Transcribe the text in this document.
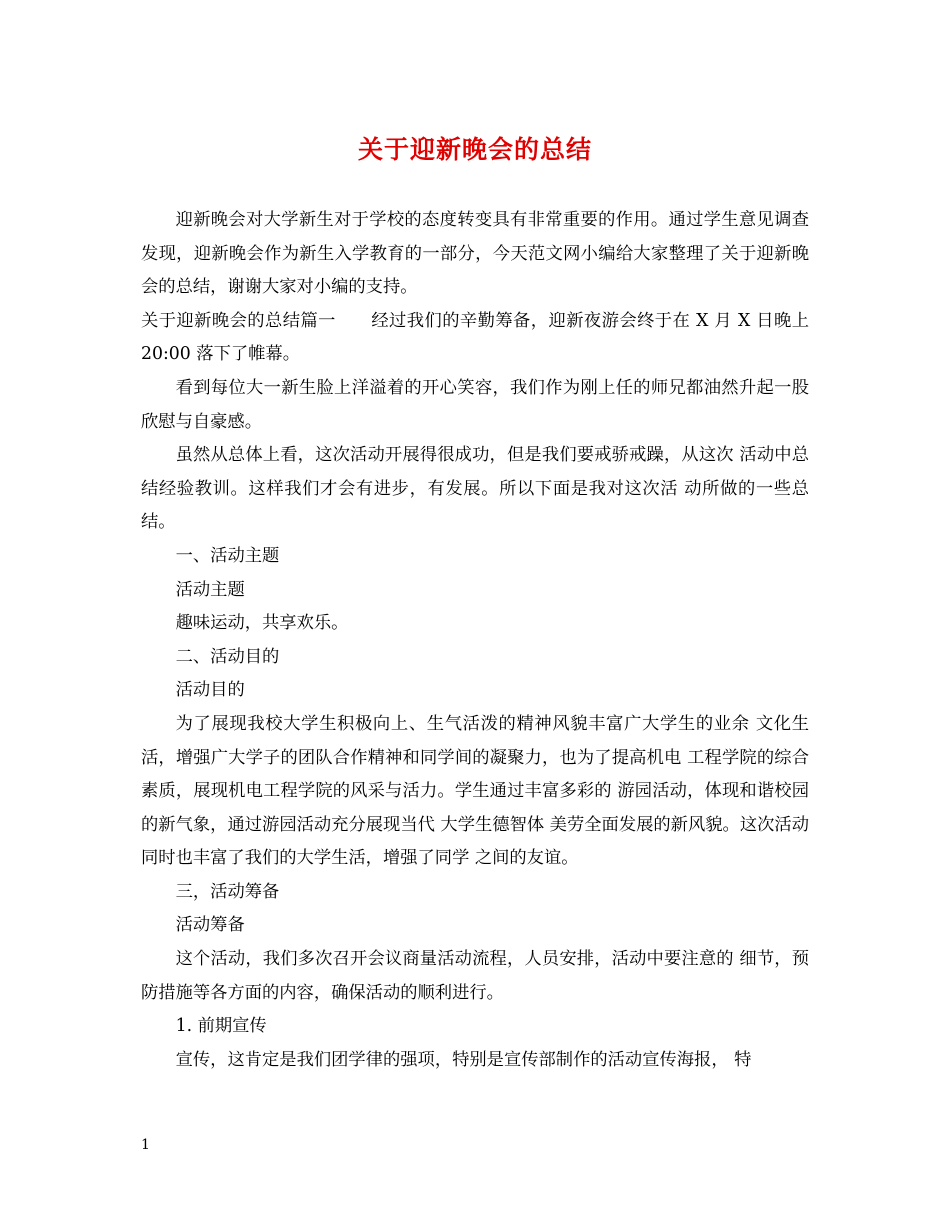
关于迎新晚会的总结

迎新晚会对大学新生对于学校的态度转变具有非常重要的作用。通过学生意见调查发现，迎新晚会作为新生入学教育的一部分，今天范文网小编给大家整理了关于迎新晚会的总结，谢谢大家对小编的支持。

关于迎新晚会的总结篇一　　经过我们的辛勤筹备，迎新夜游会终于在 X 月 X 日晚上 20:00 落下了帷幕。

看到每位大一新生脸上洋溢着的开心笑容，我们作为刚上任的师兄都油然升起一股欣慰与自豪感。

虽然从总体上看，这次活动开展得很成功，但是我们要戒骄戒躁，从这次 活动中总结经验教训。这样我们才会有进步，有发展。所以下面是我对这次活 动所做的一些总结。

一、活动主题

活动主题

趣味运动，共享欢乐。

二、活动目的

活动目的

为了展现我校大学生积极向上、生气活泼的精神风貌丰富广大学生的业余 文化生活，增强广大学子的团队合作精神和同学间的凝聚力，也为了提高机电 工程学院的综合素质，展现机电工程学院的风采与活力。学生通过丰富多彩的 游园活动，体现和谐校园的新气象，通过游园活动充分展现当代 大学生德智体 美劳全面发展的新风貌。这次活动同时也丰富了我们的大学生活，增强了同学 之间的友谊。

三，活动筹备

活动筹备

这个活动，我们多次召开会议商量活动流程，人员安排，活动中要注意的 细节，预防措施等各方面的内容，确保活动的顺利进行。

1. 前期宣传

宣传，这肯定是我们团学律的强项，特别是宣传部制作的活动宣传海报， 特

1
